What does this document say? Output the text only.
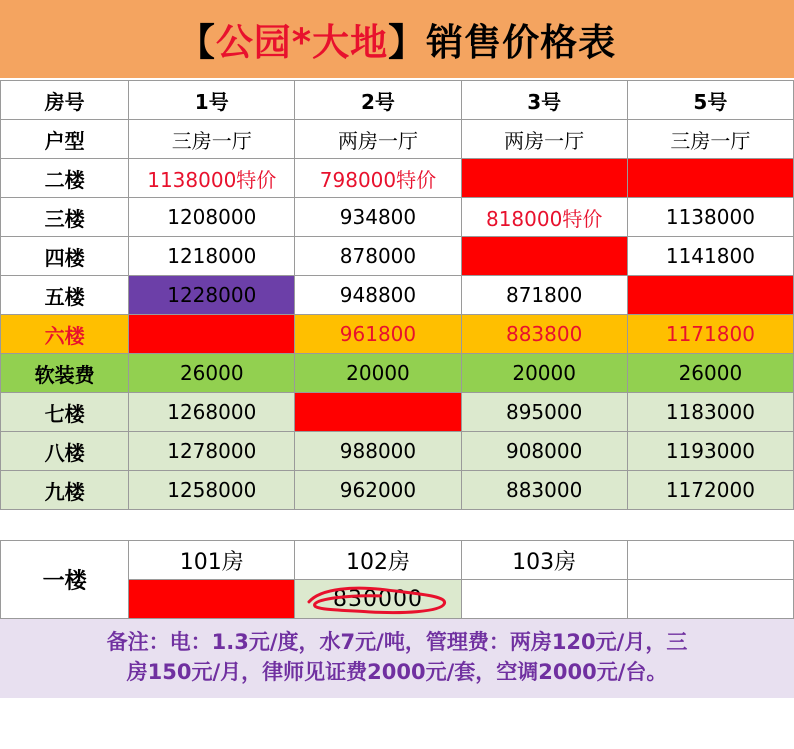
【公园*大地】销售价格表
房号	1号	2号	3号	5号
户型	三房一厅	两房一厅	两房一厅	三房一厅
二楼	1138000特价	798000特价		
三楼	1208000	934800	818000特价	1138000
四楼	1218000	878000		1141800
五楼	1228000	948800	871800	
六楼		961800	883800	1171800
软装费	26000	20000	20000	26000
七楼	1268000		895000	1183000
八楼	1278000	988000	908000	1193000
九楼	1258000	962000	883000	1172000
一楼	101房	102房	103房	
		830000

备注：电：1.3元/度，水7元/吨，管理费：两房120元/月，三
房150元/月，律师见证费2000元/套，空调2000元/台。
